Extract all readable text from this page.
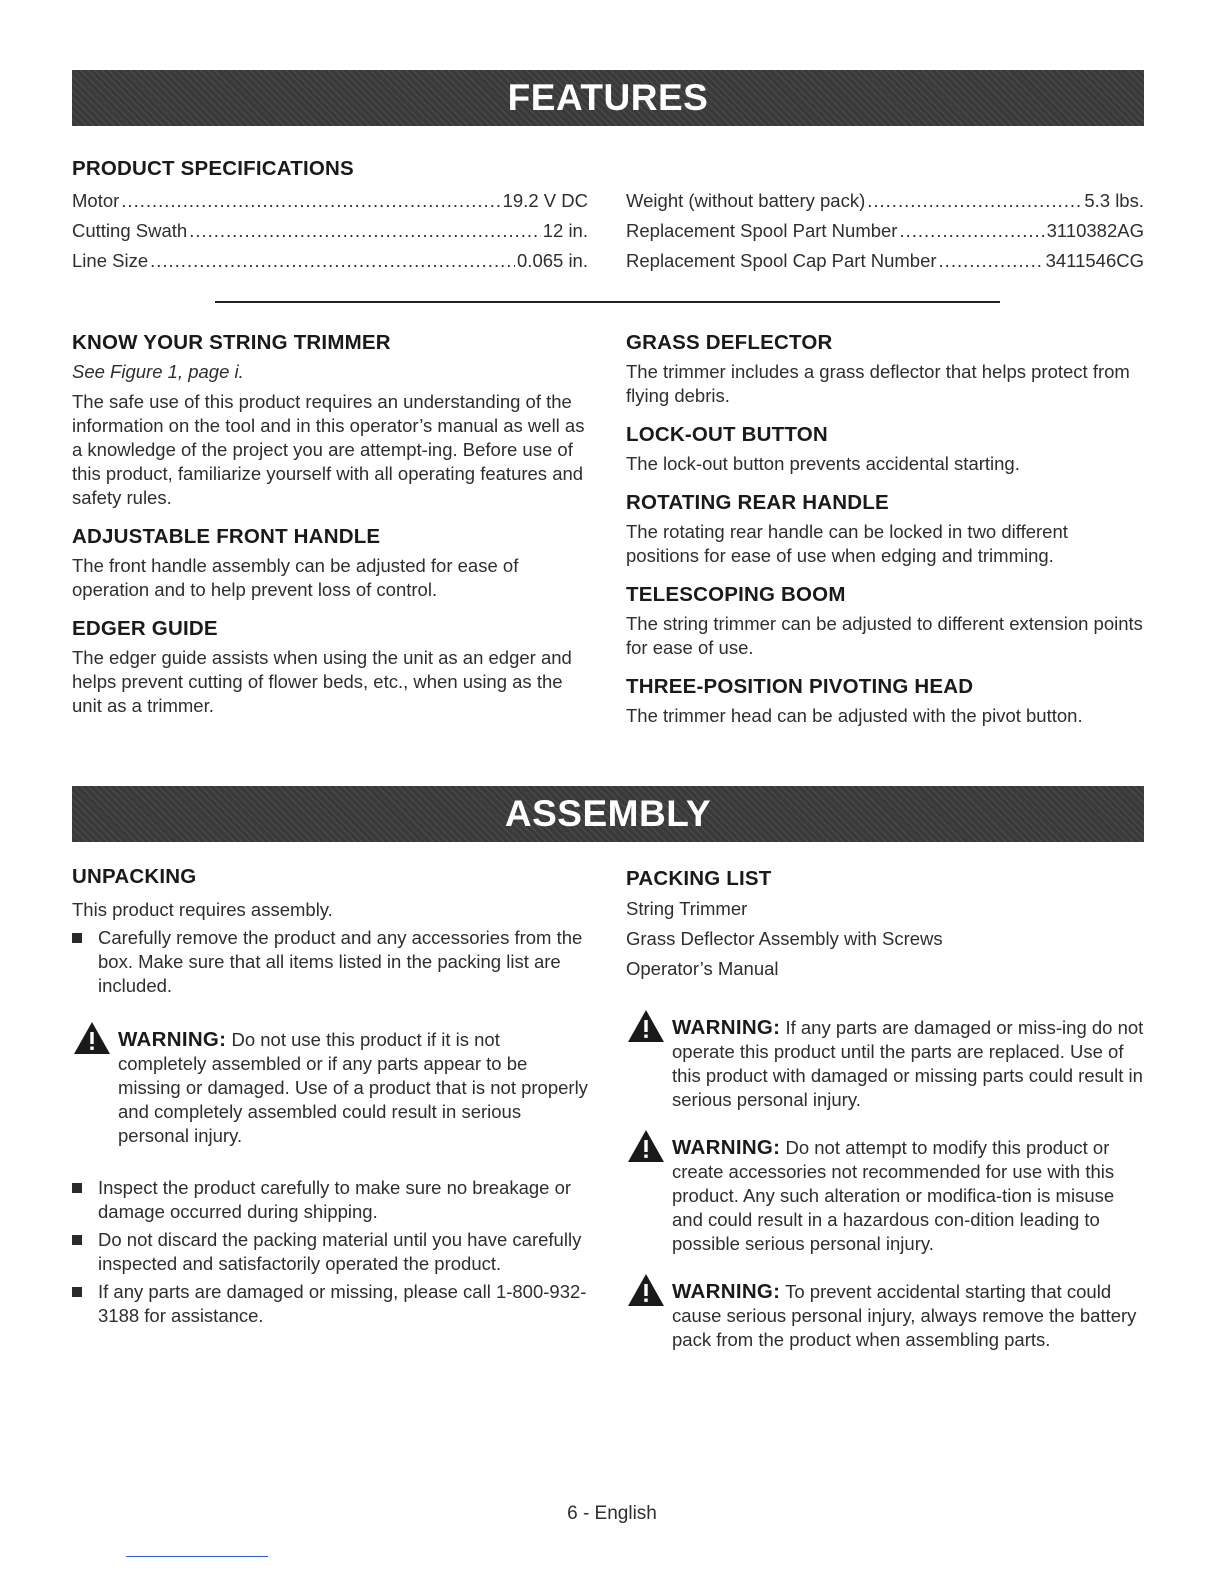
FEATURES
PRODUCT SPECIFICATIONS
Motor .....	19.2 V DC
Cutting Swath .....	12 in.
Line Size .....	0.065 in.
Weight (without battery pack) .....	5.3 lbs.
Replacement Spool Part Number .....	3110382AG
Replacement Spool Cap Part Number .....	3411546CG
KNOW YOUR STRING TRIMMER

See Figure 1, page i.

The safe use of this product requires an understanding of the information on the tool and in this operator’s manual as well as a knowledge of the project you are attempt-ing. Before use of this product, familiarize yourself with all operating features and safety rules.

ADJUSTABLE FRONT HANDLE

The front handle assembly can be adjusted for ease of operation and to help prevent loss of control.

EDGER GUIDE

The edger guide assists when using the unit as an edger and helps prevent cutting of flower beds, etc., when using as the unit as a trimmer.

GRASS DEFLECTOR

The trimmer includes a grass deflector that helps protect from flying debris.

LOCK-OUT BUTTON

The lock-out button prevents accidental starting.

ROTATING REAR HANDLE

The rotating rear handle can be locked in two different positions for ease of use when edging and trimming.

TELESCOPING BOOM

The string trimmer can be adjusted to different extension points for ease of use.

THREE-POSITION PIVOTING HEAD

The trimmer head can be adjusted with the pivot button.

ASSEMBLY
UNPACKING

This product requires assembly.

Carefully remove the product and any accessories from the box. Make sure that all items listed in the packing list are included.
WARNING: Do not use this product if it is not completely assembled or if any parts appear to be missing or damaged. Use of a product that is not properly and completely assembled could result in serious personal injury.
Inspect the product carefully to make sure no breakage or damage occurred during shipping.
Do not discard the packing material until you have carefully inspected and satisfactorily operated the product.
If any parts are damaged or missing, please call 1-800-932-3188 for assistance.
PACKING LIST
String Trimmer
Grass Deflector Assembly with Screws
Operator’s Manual
WARNING: If any parts are damaged or miss-ing do not operate this product until the parts are replaced. Use of this product with damaged or missing parts could result in serious personal injury.
WARNING: Do not attempt to modify this product or create accessories not recommended for use with this product. Any such alteration or modifica-tion is misuse and could result in a hazardous con-dition leading to possible serious personal injury.
WARNING: To prevent accidental starting that could cause serious personal injury, always remove the battery pack from the product when assembling parts.
6 - English
